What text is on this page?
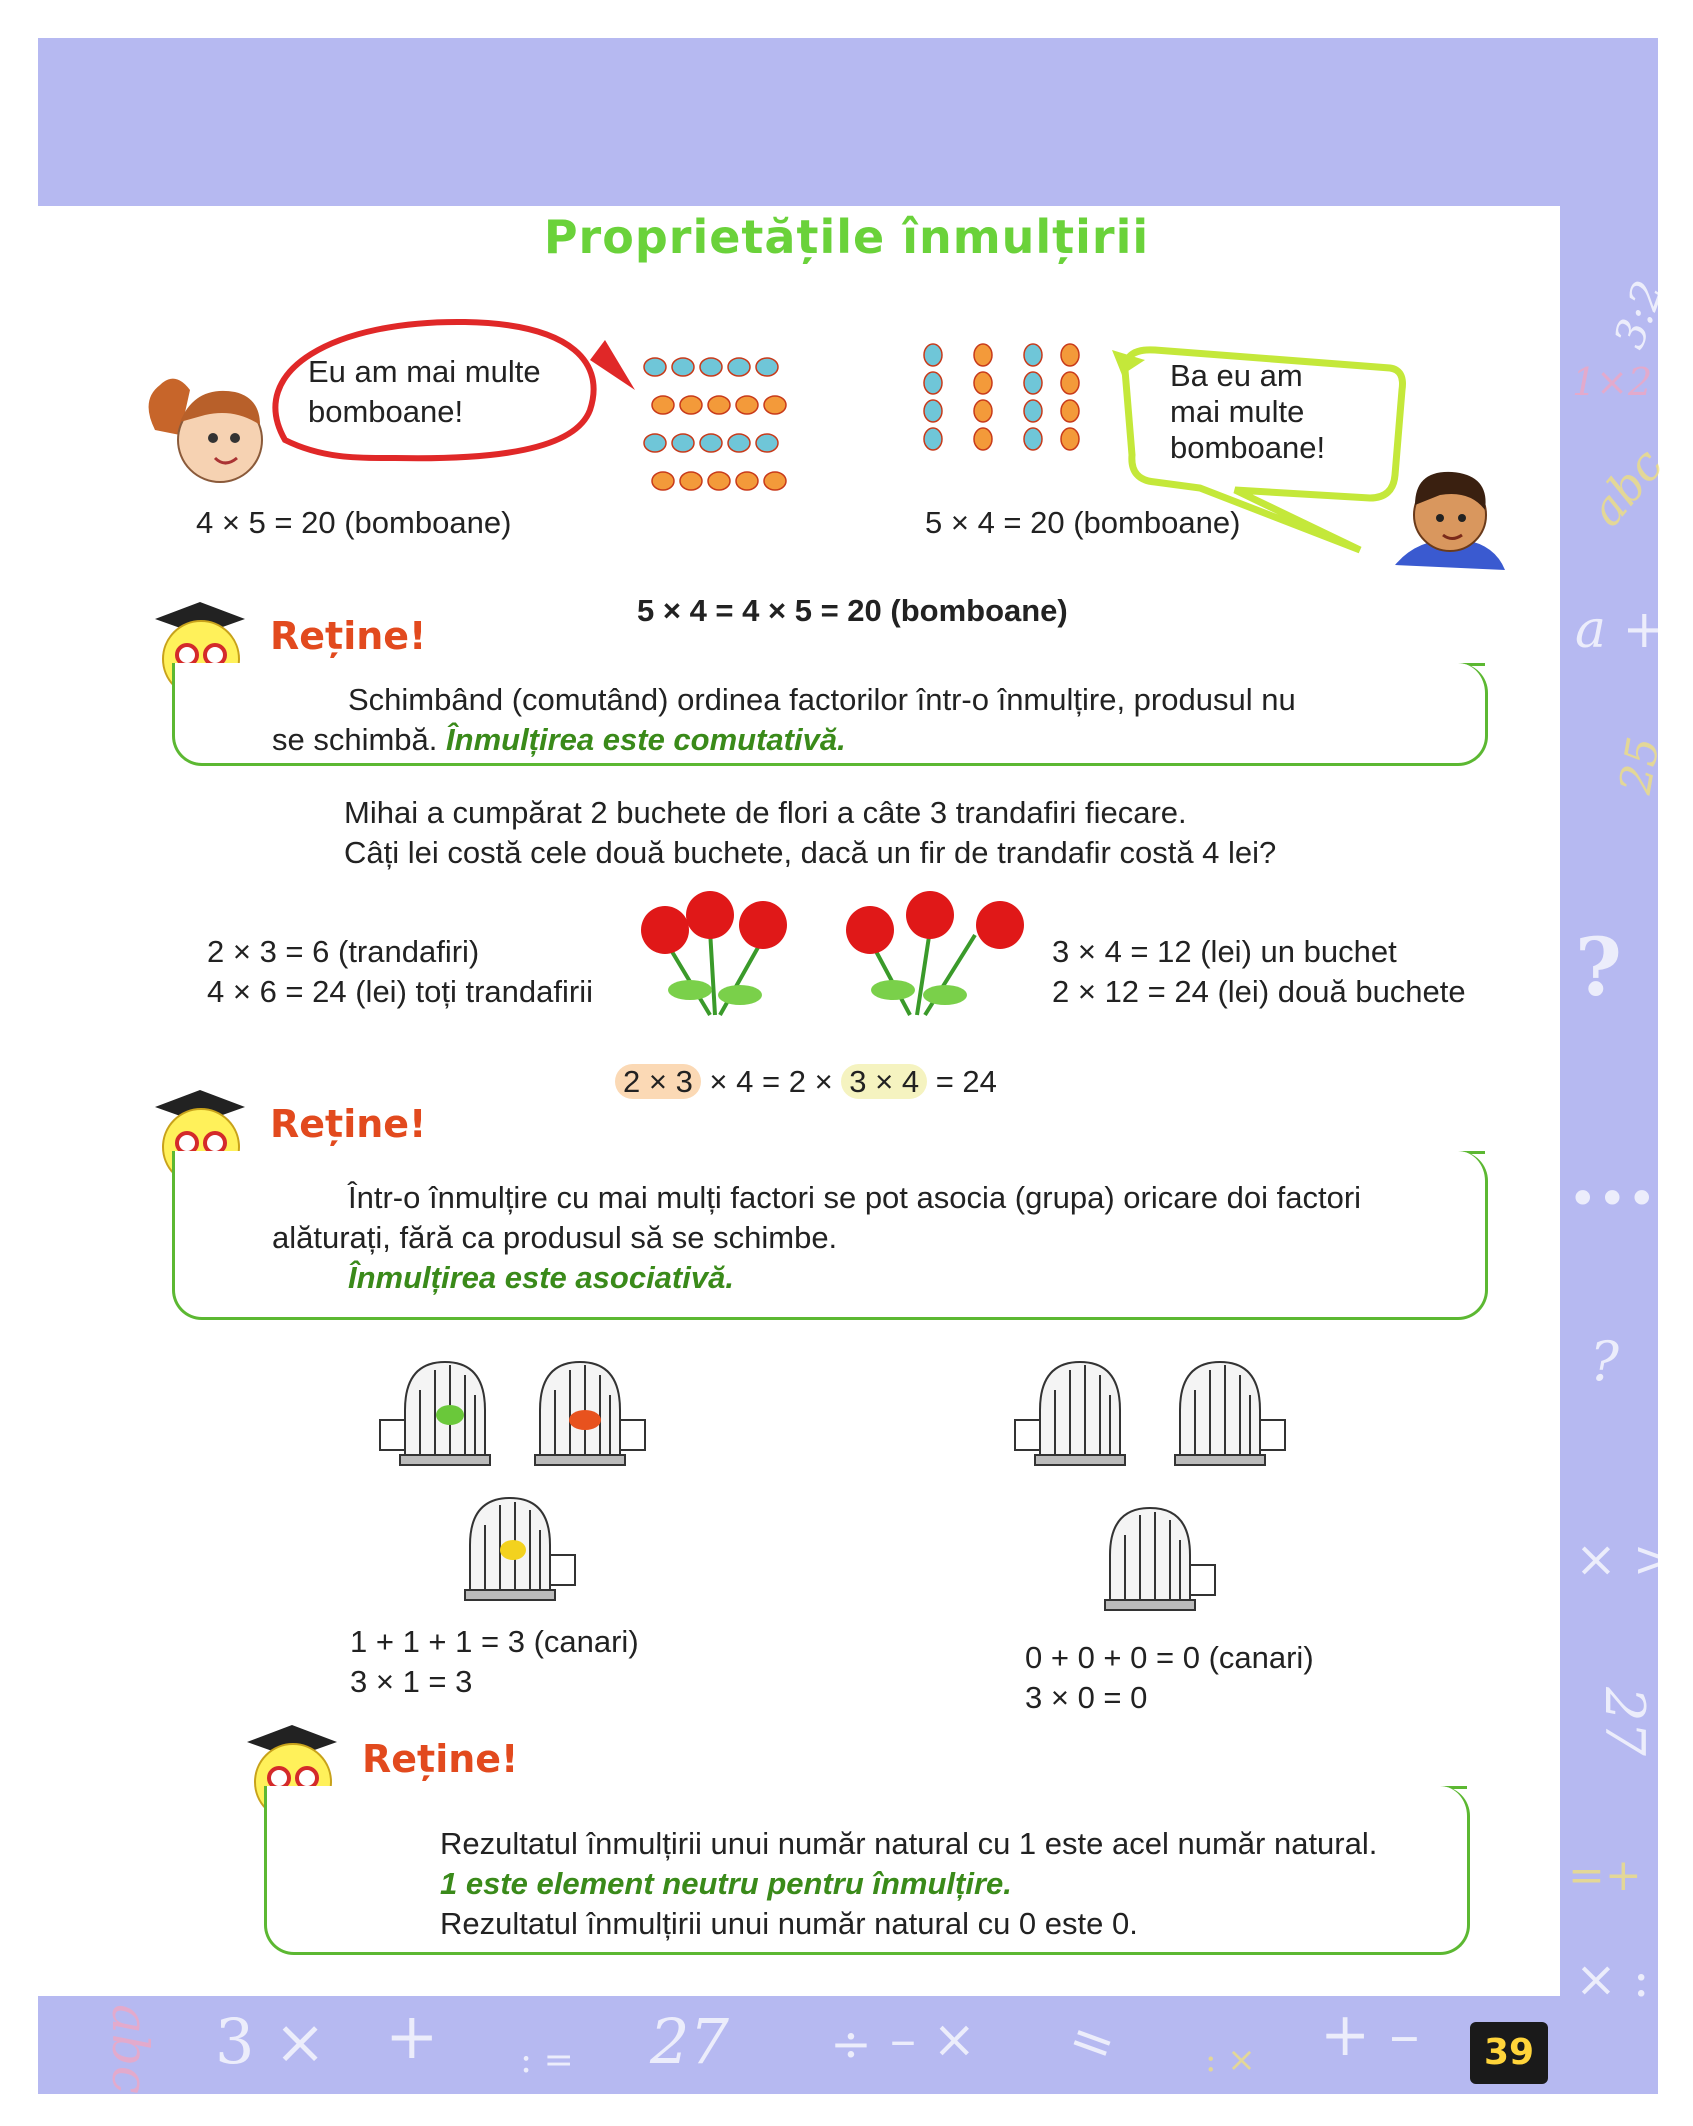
3:2
1×2
abc
a +
25
?
•••
?
× >
27
=+
× :
abc 3 × + : = 27 ÷ – × = : × + –	39
Proprietățile înmulțirii
Eu am mai multe
bomboane!
4 × 5 = 20 (bomboane)
Ba eu am
mai multe
bomboane!
5 × 4 = 20 (bomboane)
5 × 4 = 4 × 5 = 20 (bomboane)
Reține!
Schimbând (comutând) ordinea factorilor într-o înmulțire, produsul nu
se schimbă. Înmulțirea este comutativă.
Mihai a cumpărat 2 buchete de flori a câte 3 trandafiri fiecare.
Câți lei costă cele două buchete, dacă un fir de trandafir costă 4 lei?
2 × 3 = 6 (trandafiri)
4 × 6 = 24 (lei) toți trandafirii
3 × 4 = 12 (lei) un buchet
2 × 12 = 24 (lei) două buchete
2 × 3 × 4 = 2 × 3 × 4 = 24
Reține!
Într-o înmulțire cu mai mulți factori se pot asocia (grupa) oricare doi factori
alăturați, fără ca produsul să se schimbe.
Înmulțirea este asociativă.
1 + 1 + 1 = 3 (canari)
3 × 1 = 3
0 + 0 + 0 = 0 (canari)
3 × 0 = 0
Reține!
Rezultatul înmulțirii unui număr natural cu 1 este acel număr natural.
1 este element neutru pentru înmulțire.
Rezultatul înmulțirii unui număr natural cu 0 este 0.
